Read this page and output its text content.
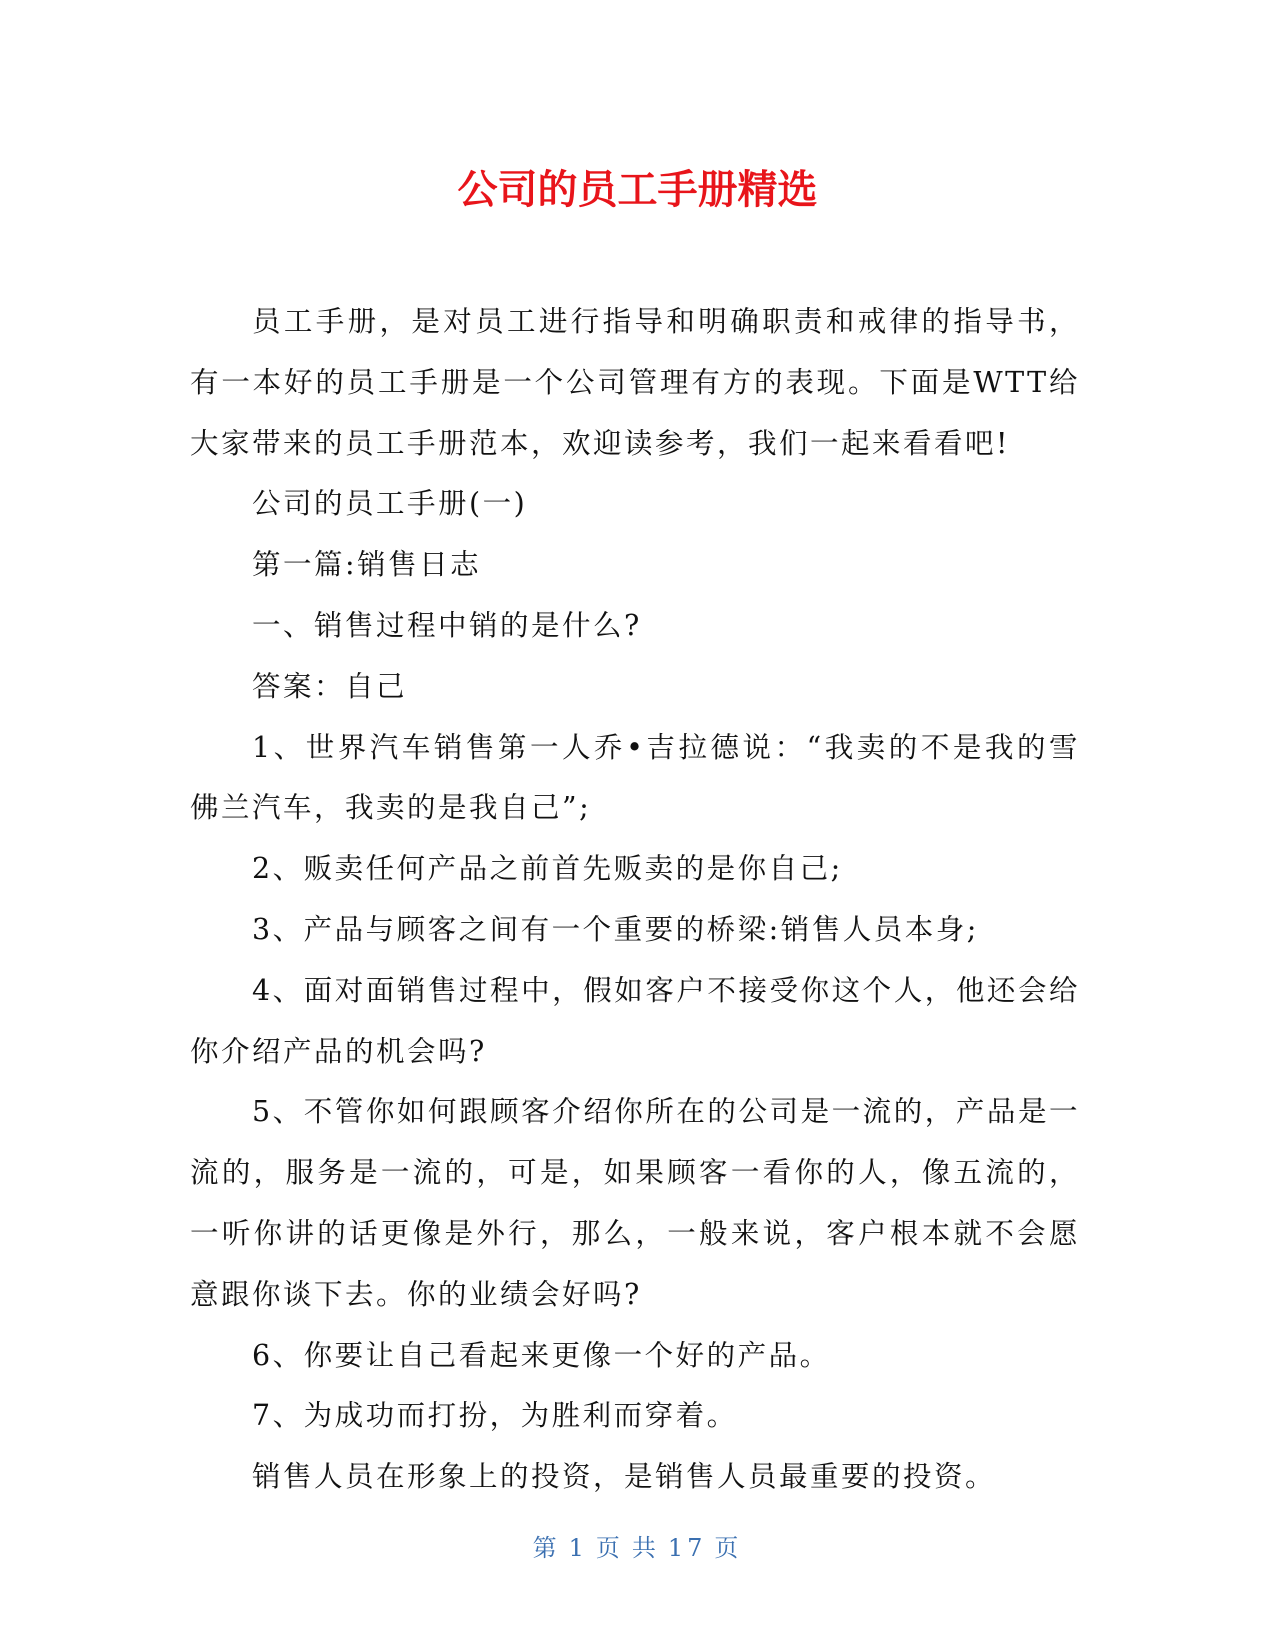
公司的员工手册精选

员工手册，是对员工进行指导和明确职责和戒律的指导书，有一本好的员工手册是一个公司管理有方的表现。下面是WTT给大家带来的员工手册范本，欢迎读参考，我们一起来看看吧!

公司的员工手册(一)

第一篇:销售日志

一、销售过程中销的是什么?

答案：自己

1、世界汽车销售第一人乔•吉拉德说：“我卖的不是我的雪佛兰汽车，我卖的是我自己”;

2、贩卖任何产品之前首先贩卖的是你自己;

3、产品与顾客之间有一个重要的桥梁:销售人员本身;

4、面对面销售过程中，假如客户不接受你这个人，他还会给你介绍产品的机会吗?

5、不管你如何跟顾客介绍你所在的公司是一流的，产品是一流的，服务是一流的，可是，如果顾客一看你的人，像五流的，一听你讲的话更像是外行，那么，一般来说，客户根本就不会愿意跟你谈下去。你的业绩会好吗?

6、你要让自己看起来更像一个好的产品。

7、为成功而打扮，为胜利而穿着。

销售人员在形象上的投资，是销售人员最重要的投资。

第 1 页 共 17 页
